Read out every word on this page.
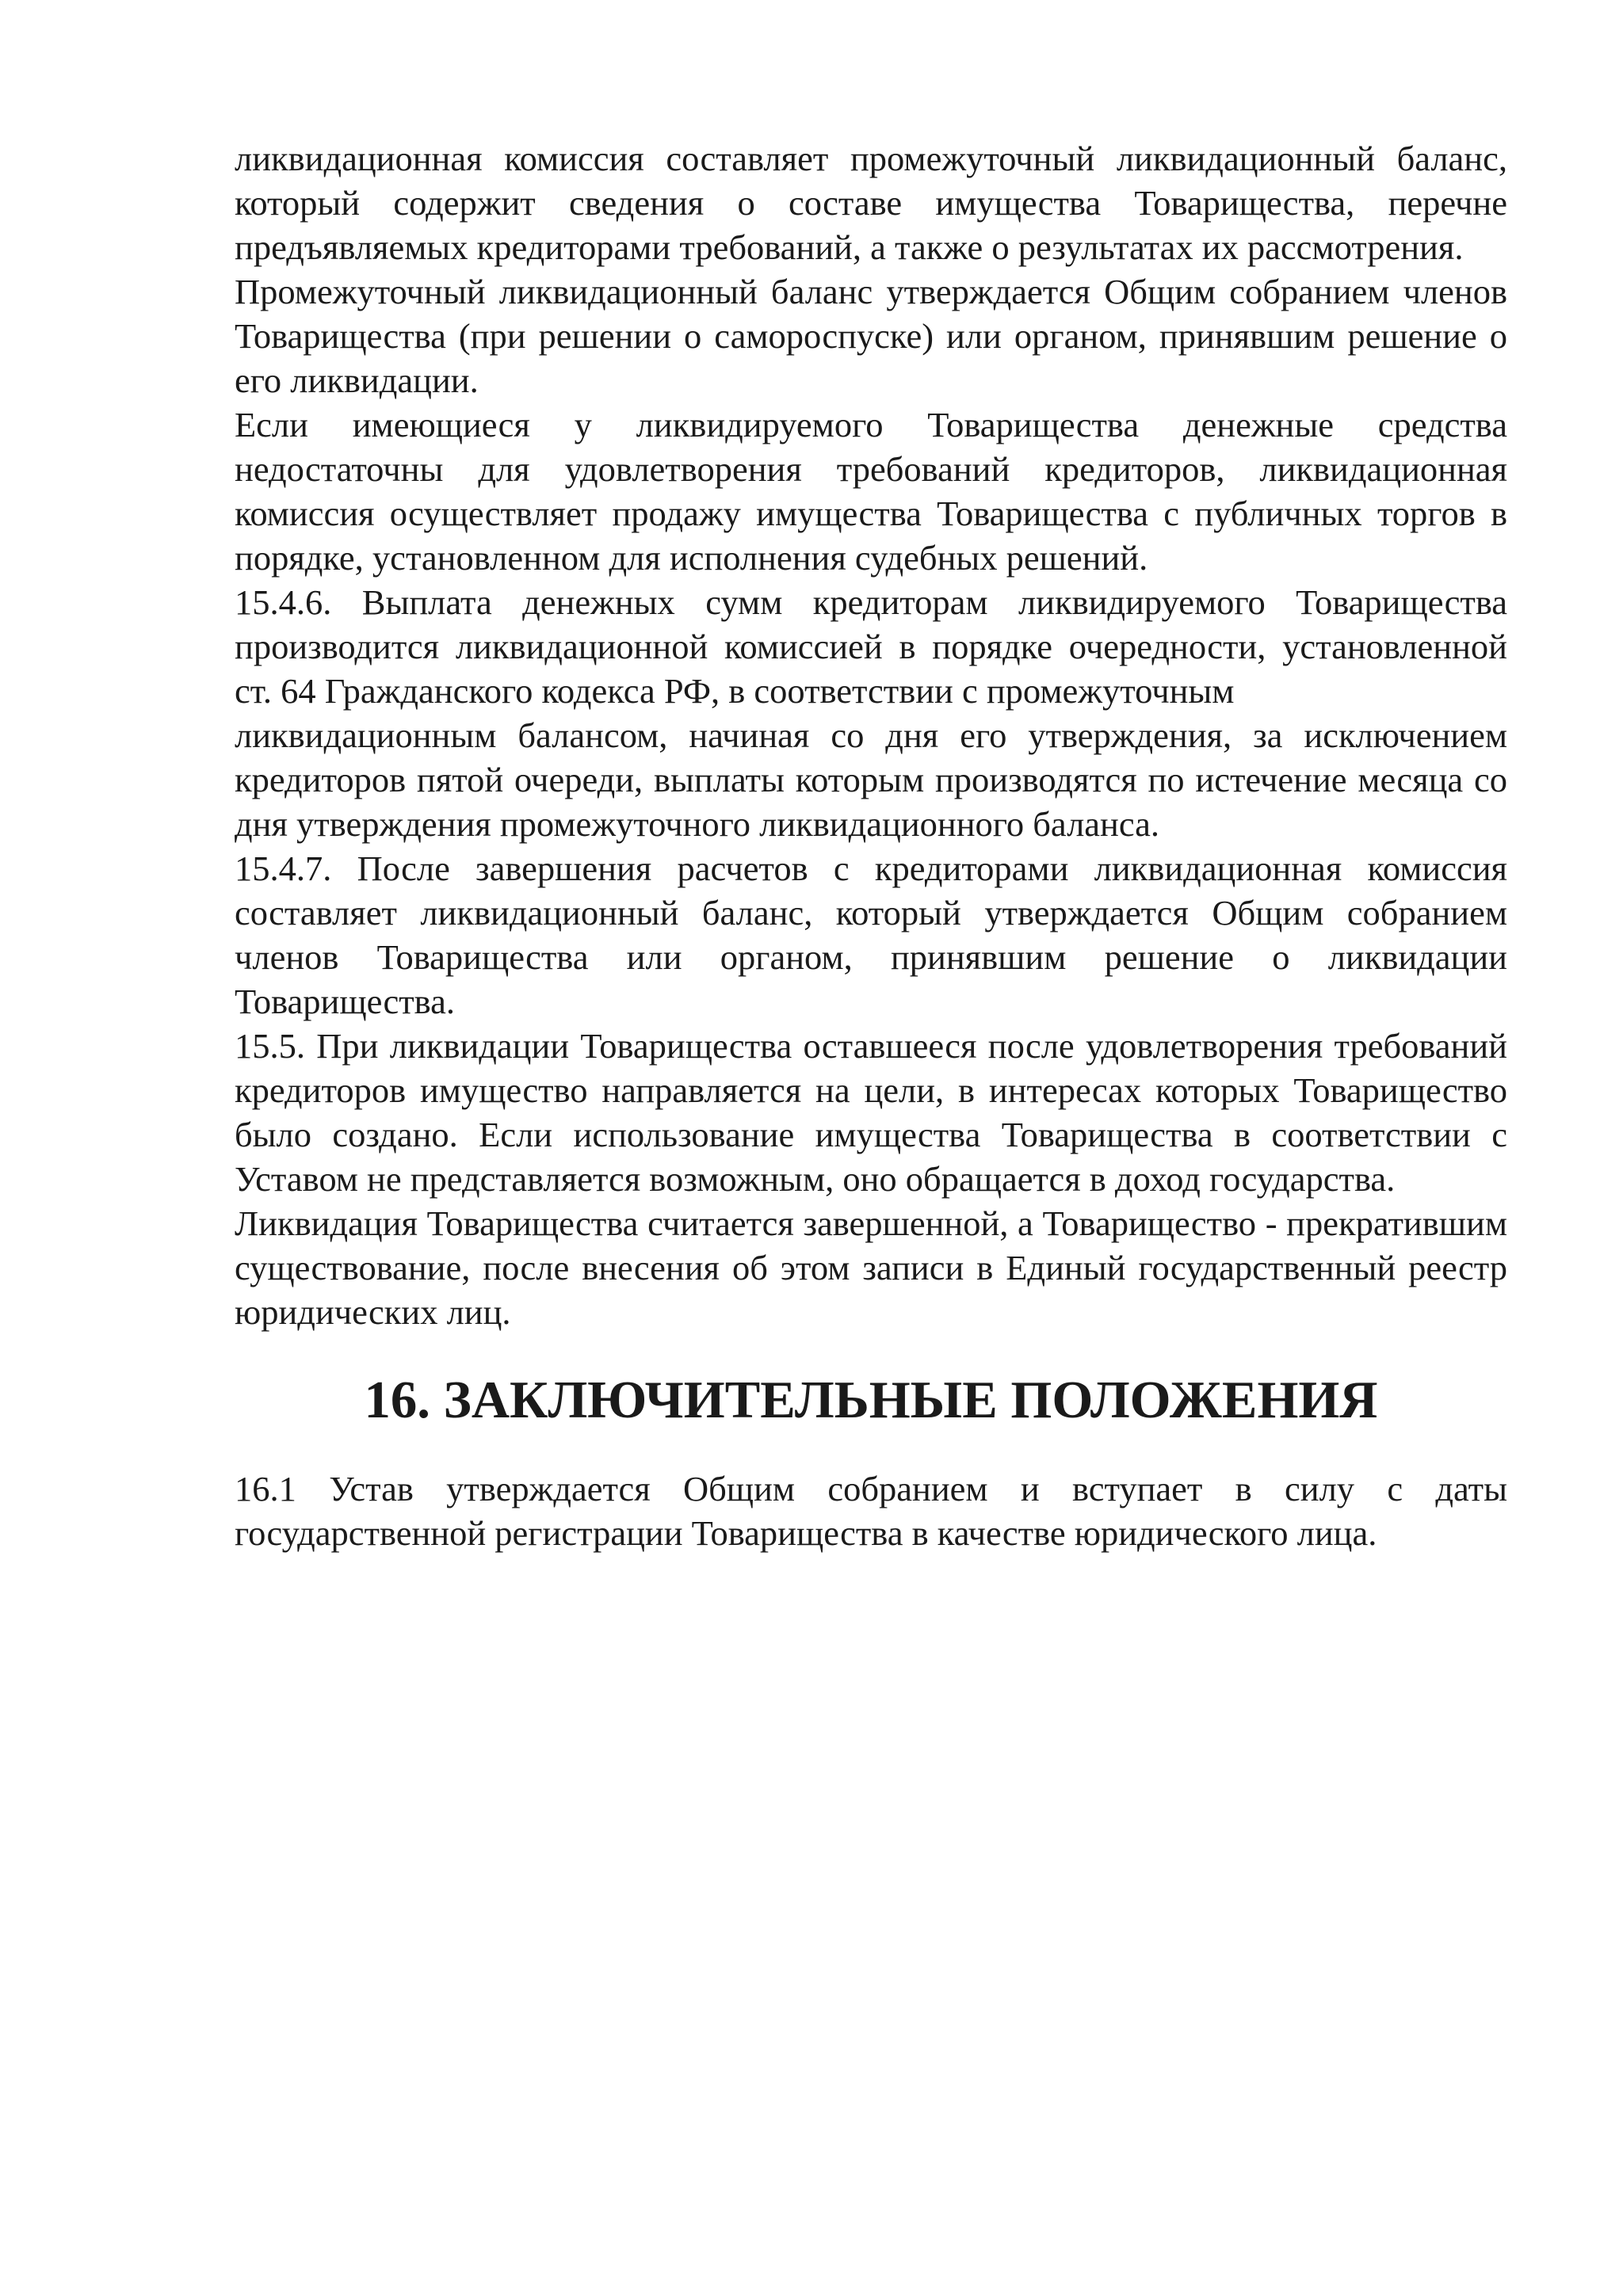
ликвидационная комиссия составляет промежуточный ликвидационный баланс, который содержит сведения о составе имущества Товарищества, перечне предъявляемых кредиторами требований, а также о результатах их рассмотрения.

Промежуточный ликвидационный баланс утверждается Общим собранием членов Товарищества (при решении о самороспуске) или органом, принявшим решение о его ликвидации.

Если имеющиеся у ликвидируемого Товарищества денежные средства недостаточны для удовлетворения требований кредиторов, ликвидационная комиссия осуществляет продажу имущества Товарищества с публичных торгов в порядке, установленном для исполнения судебных решений.

15.4.6. Выплата денежных сумм кредиторам ликвидируемого Товарищества производится ликвидационной комиссией в порядке очередности, установленной ст. 64 Гражданского кодекса РФ, в соответствии с промежуточным

ликвидационным балансом, начиная со дня его утверждения, за исключением кредиторов пятой очереди, выплаты которым производятся по истечение месяца со дня утверждения промежуточного ликвидационного баланса.

15.4.7. После завершения расчетов с кредиторами ликвидационная комиссия составляет ликвидационный баланс, который утверждается Общим собранием членов Товарищества или органом, принявшим решение о ликвидации Товарищества.

15.5. При ликвидации Товарищества оставшееся после удовлетворения требований кредиторов имущество направляется на цели, в интересах которых Товарищество было создано. Если использование имущества Товарищества в соответствии с Уставом не представляется возможным, оно обращается в доход государства.

Ликвидация Товарищества считается завершенной, а Товарищество - прекратившим существование, после внесения об этом записи в Единый государственный реестр юридических лиц.

16. ЗАКЛЮЧИТЕЛЬНЫЕ ПОЛОЖЕНИЯ

16.1 Устав утверждается Общим собранием и вступает в силу с даты государственной регистрации Товарищества в качестве юридического лица.
